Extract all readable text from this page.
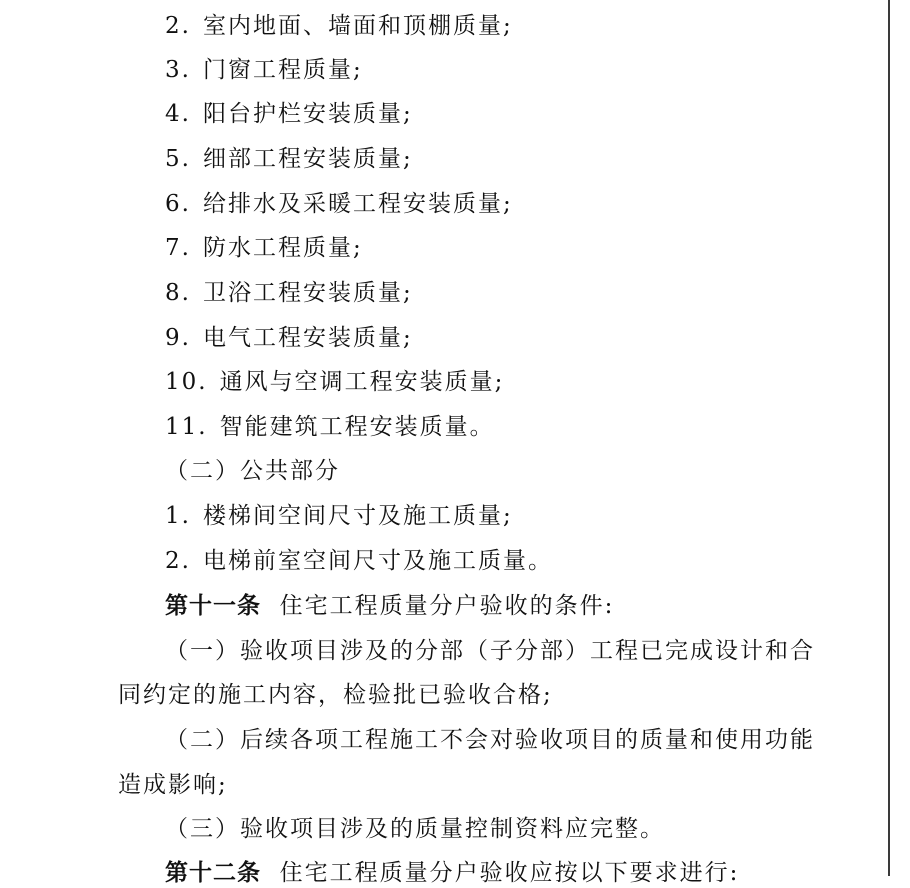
2. 室内地面、墙面和顶棚质量;
3. 门窗工程质量;
4. 阳台护栏安装质量;
5. 细部工程安装质量;
6. 给排水及采暖工程安装质量;
7. 防水工程质量;
8. 卫浴工程安装质量;
9. 电气工程安装质量;
10. 通风与空调工程安装质量;
11. 智能建筑工程安装质量。
（二）公共部分
1. 楼梯间空间尺寸及施工质量;
2. 电梯前室空间尺寸及施工质量。
第十一条 住宅工程质量分户验收的条件:
（一）验收项目涉及的分部（子分部）工程已完成设计和合
同约定的施工内容，检验批已验收合格;
（二）后续各项工程施工不会对验收项目的质量和使用功能
造成影响;
（三）验收项目涉及的质量控制资料应完整。
第十二条 住宅工程质量分户验收应按以下要求进行:
